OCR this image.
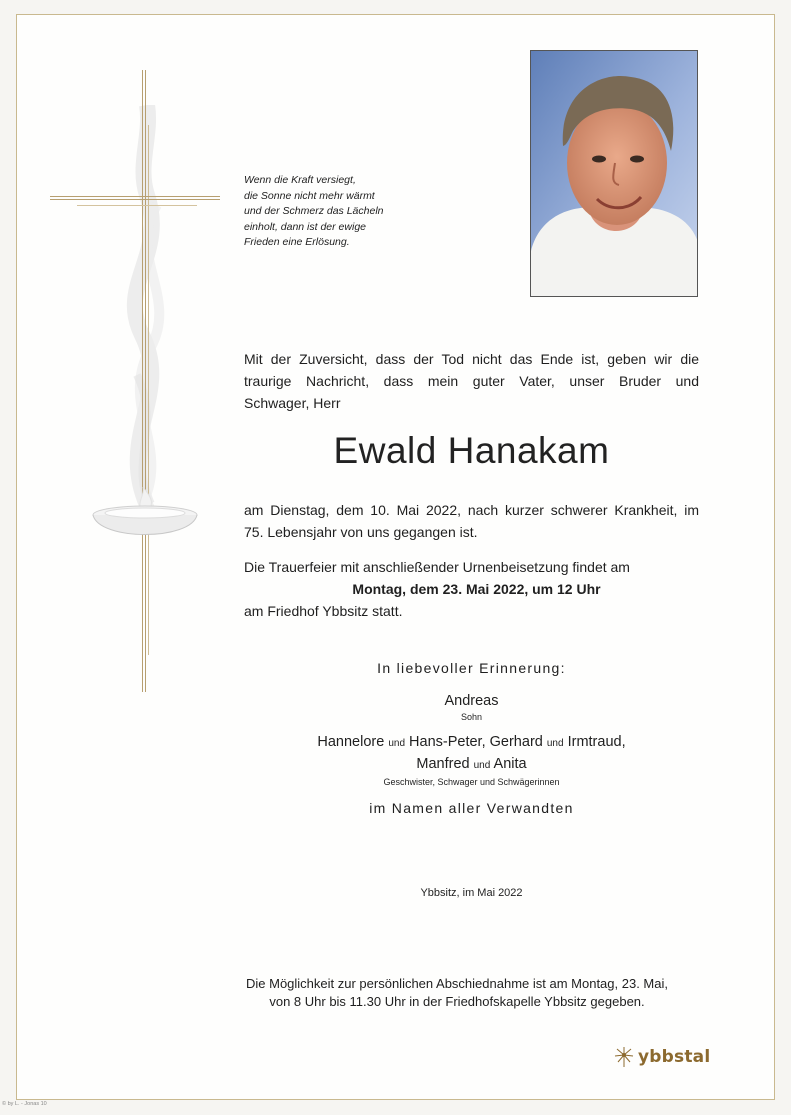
Wenn die Kraft versiegt,
die Sonne nicht mehr wärmt
und der Schmerz das Lächeln
einholt, dann ist der ewige
Frieden eine Erlösung.
Mit der Zuversicht, dass der Tod nicht das Ende ist, geben wir die
traurige Nachricht, dass mein guter Vater, unser Bruder und
Schwager, Herr
Ewald Hanakam
am Dienstag, dem 10. Mai 2022, nach kurzer schwerer Krankheit, im
75. Lebensjahr von uns gegangen ist.
Die Trauerfeier mit anschließender Urnenbeisetzung findet am
Montag, dem 23. Mai 2022, um 12 Uhr
am Friedhof Ybbsitz statt.
In liebevoller Erinnerung:
Andreas
Sohn
Hannelore und Hans-Peter, Gerhard und Irmtraud,
Manfred und Anita
Geschwister, Schwager und Schwägerinnen
im Namen aller Verwandten
Ybbsitz, im Mai 2022
Die Möglichkeit zur persönlichen Abschiednahme ist am Montag, 23. Mai,
von 8 Uhr bis 11.30 Uhr in der Friedhofskapelle Ybbsitz gegeben.
ybbstal
© by L. - Jonas 10
